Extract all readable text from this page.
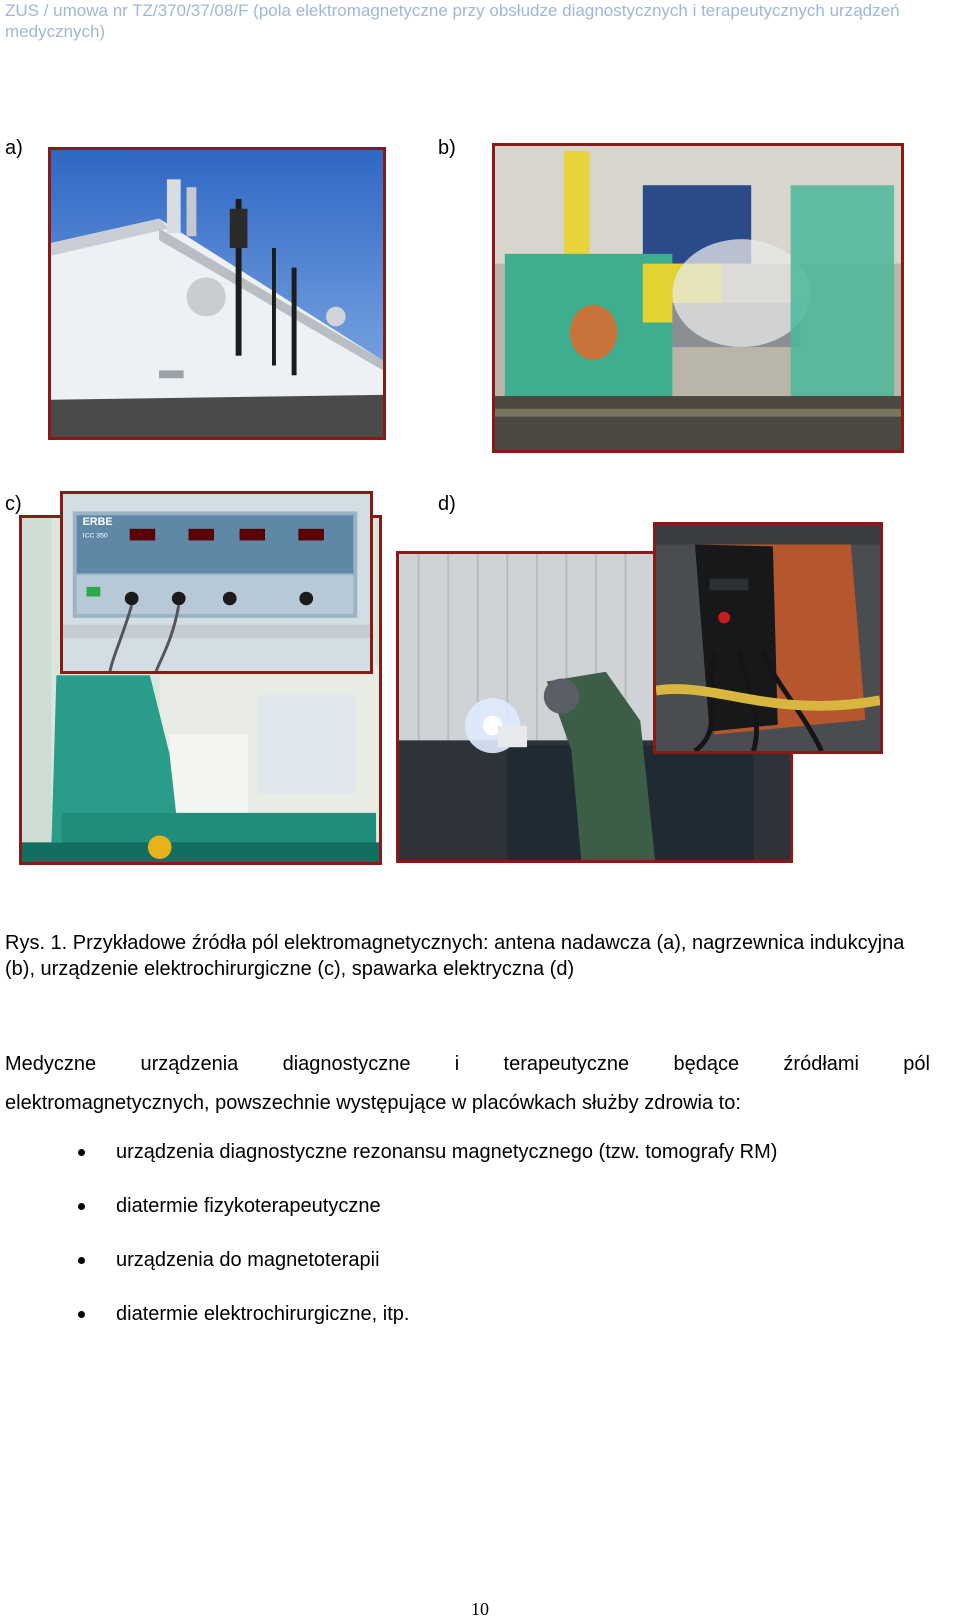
ZUS / umowa nr TZ/370/37/08/F (pola elektromagnetyczne przy obsłudze diagnostycznych i terapeutycznych urządzeń medycznych)
a)	b)
c)	d)
ERBE
ICC 350
Rys. 1. Przykładowe źródła pól elektromagnetycznych: antena nadawcza (a), nagrzewnica indukcyjna (b), urządzenie elektrochirurgiczne (c), spawarka elektryczna (d)
Medyczne urządzenia diagnostyczne i terapeutyczne będące źródłami pól
elektromagnetycznych, powszechnie występujące w placówkach służby zdrowia to:
urządzenia diagnostyczne rezonansu magnetycznego (tzw. tomografy RM)
diatermie fizykoterapeutyczne
urządzenia do magnetoterapii
diatermie elektrochirurgiczne, itp.
10
